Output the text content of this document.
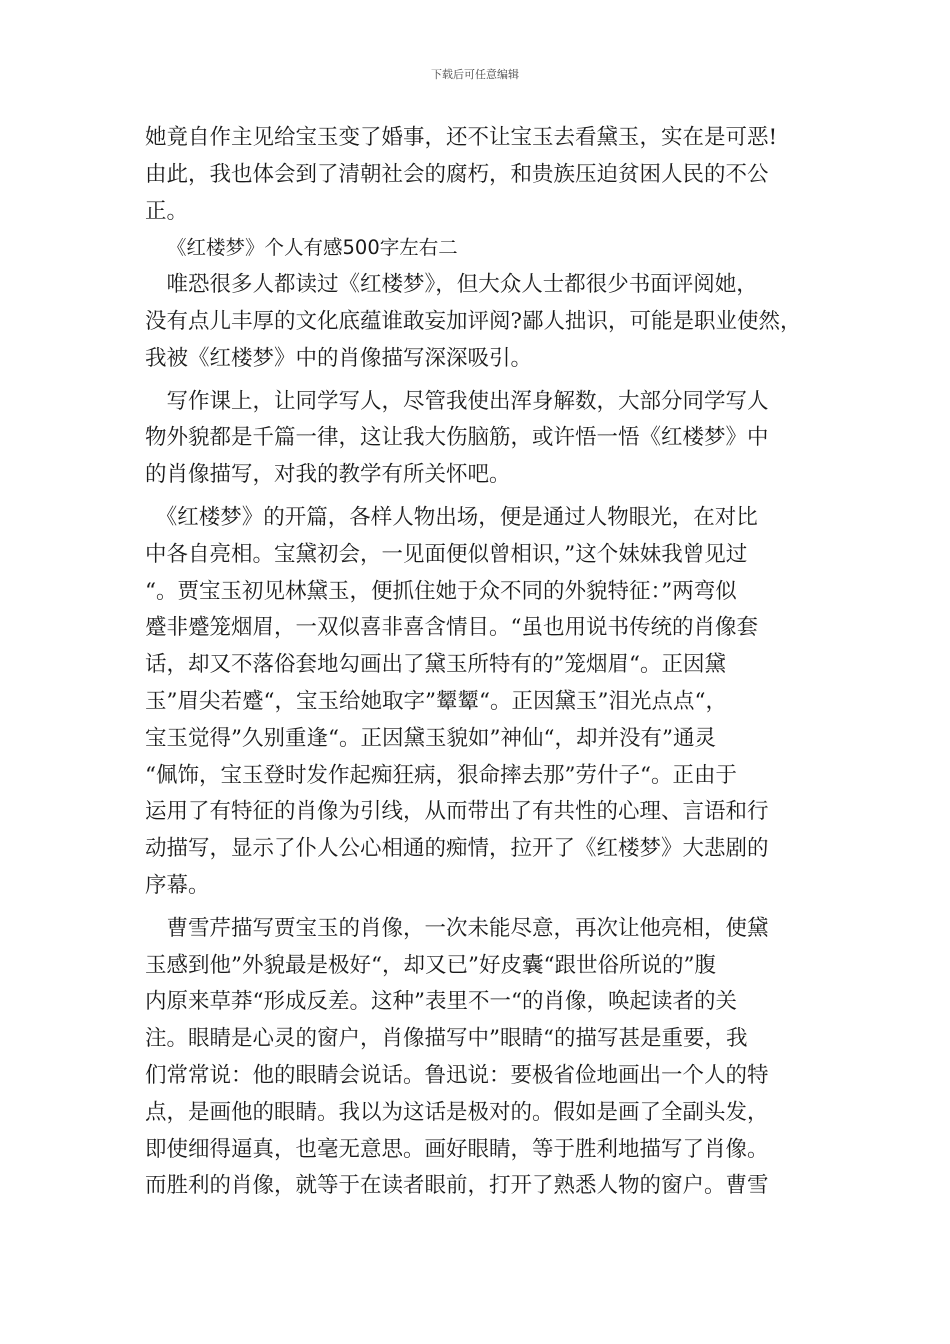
下载后可任意编辑
她竟自作主见给宝玉变了婚事，还不让宝玉去看黛玉，实在是可恶!
由此，我也体会到了清朝社会的腐朽，和贵族压迫贫困人民的不公
正。
《红楼梦》个人有感500字左右二
　唯恐很多人都读过《红楼梦》，但大众人士都很少书面评阅她，
没有点儿丰厚的文化底蕴谁敢妄加评阅?鄙人拙识，可能是职业使然，
我被《红楼梦》中的肖像描写深深吸引。
　写作课上，让同学写人，尽管我使出浑身解数，大部分同学写人
物外貌都是千篇一律，这让我大伤脑筋，或许悟一悟《红楼梦》中
的肖像描写，对我的教学有所关怀吧。
　《红楼梦》的开篇，各样人物出场，便是通过人物眼光，在对比
中各自亮相。宝黛初会，一见面便似曾相识，”这个妹妹我曾见过
“。贾宝玉初见林黛玉，便抓住她于众不同的外貌特征：”两弯似
蹙非蹙笼烟眉，一双似喜非喜含情目。“虽也用说书传统的肖像套
话，却又不落俗套地勾画出了黛玉所特有的”笼烟眉“。正因黛
玉”眉尖若蹙“，宝玉给她取字”颦颦“。正因黛玉”泪光点点“，
宝玉觉得”久别重逢“。正因黛玉貌如”神仙“，却并没有”通灵
“佩饰，宝玉登时发作起痴狂病，狠命摔去那”劳什子“。正由于
运用了有特征的肖像为引线，从而带出了有共性的心理、言语和行
动描写，显示了仆人公心相通的痴情，拉开了《红楼梦》大悲剧的
序幕。
　曹雪芹描写贾宝玉的肖像，一次未能尽意，再次让他亮相，使黛
玉感到他”外貌最是极好“，却又已”好皮囊“跟世俗所说的”腹
内原来草莽“形成反差。这种”表里不一“的肖像，唤起读者的关
注。眼睛是心灵的窗户，肖像描写中”眼睛“的描写甚是重要，我
们常常说：他的眼睛会说话。鲁迅说：要极省俭地画出一个人的特
点，是画他的眼睛。我以为这话是极对的。假如是画了全副头发，
即使细得逼真，也毫无意思。画好眼睛，等于胜利地描写了肖像。
而胜利的肖像，就等于在读者眼前，打开了熟悉人物的窗户。曹雪
